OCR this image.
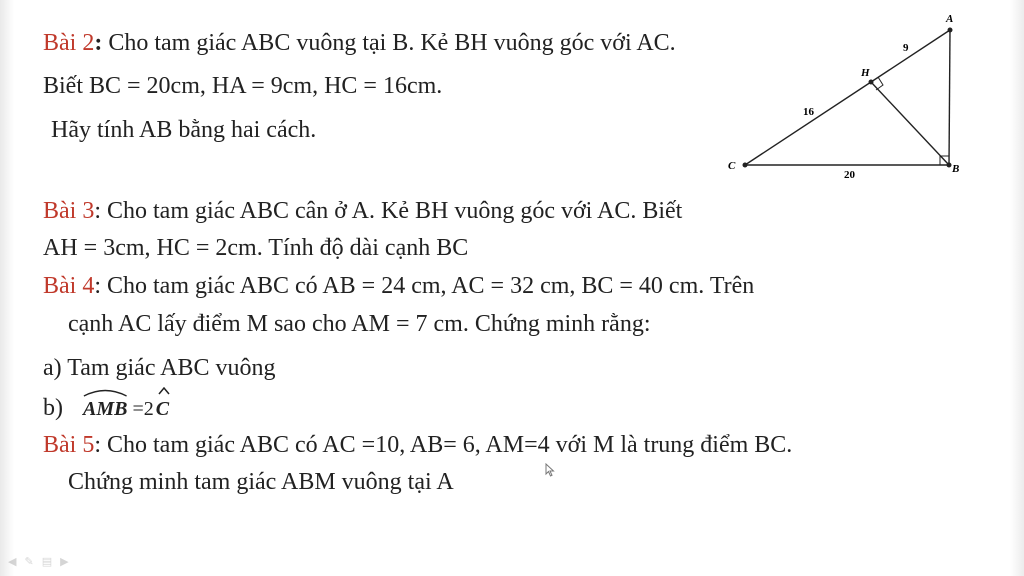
Bài 2: Cho tam giác ABC vuông tại B. Kẻ BH vuông góc với AC.
Biết BC = 20cm, HA = 9cm, HC = 16cm.
Hãy tính AB bằng hai cách.
A
H
C	B
9
16
20
Bài 3: Cho tam giác ABC cân ở A. Kẻ BH vuông góc với AC. Biết
AH = 3cm, HC = 2cm. Tính độ dài cạnh BC
Bài 4: Cho tam giác ABC có AB = 24 cm, AC = 32 cm, BC = 40 cm. Trên
cạnh AC lấy điểm M sao cho AM = 7 cm. Chứng minh rằng:
a) Tam giác ABC vuông
b) AMB =2 C
Bài 5: Cho tam giác ABC có AC =10, AB= 6, AM=4 với M là trung điểm BC.
Chứng minh tam giác ABM vuông tại A
◀ ✎ ▤ ▶
